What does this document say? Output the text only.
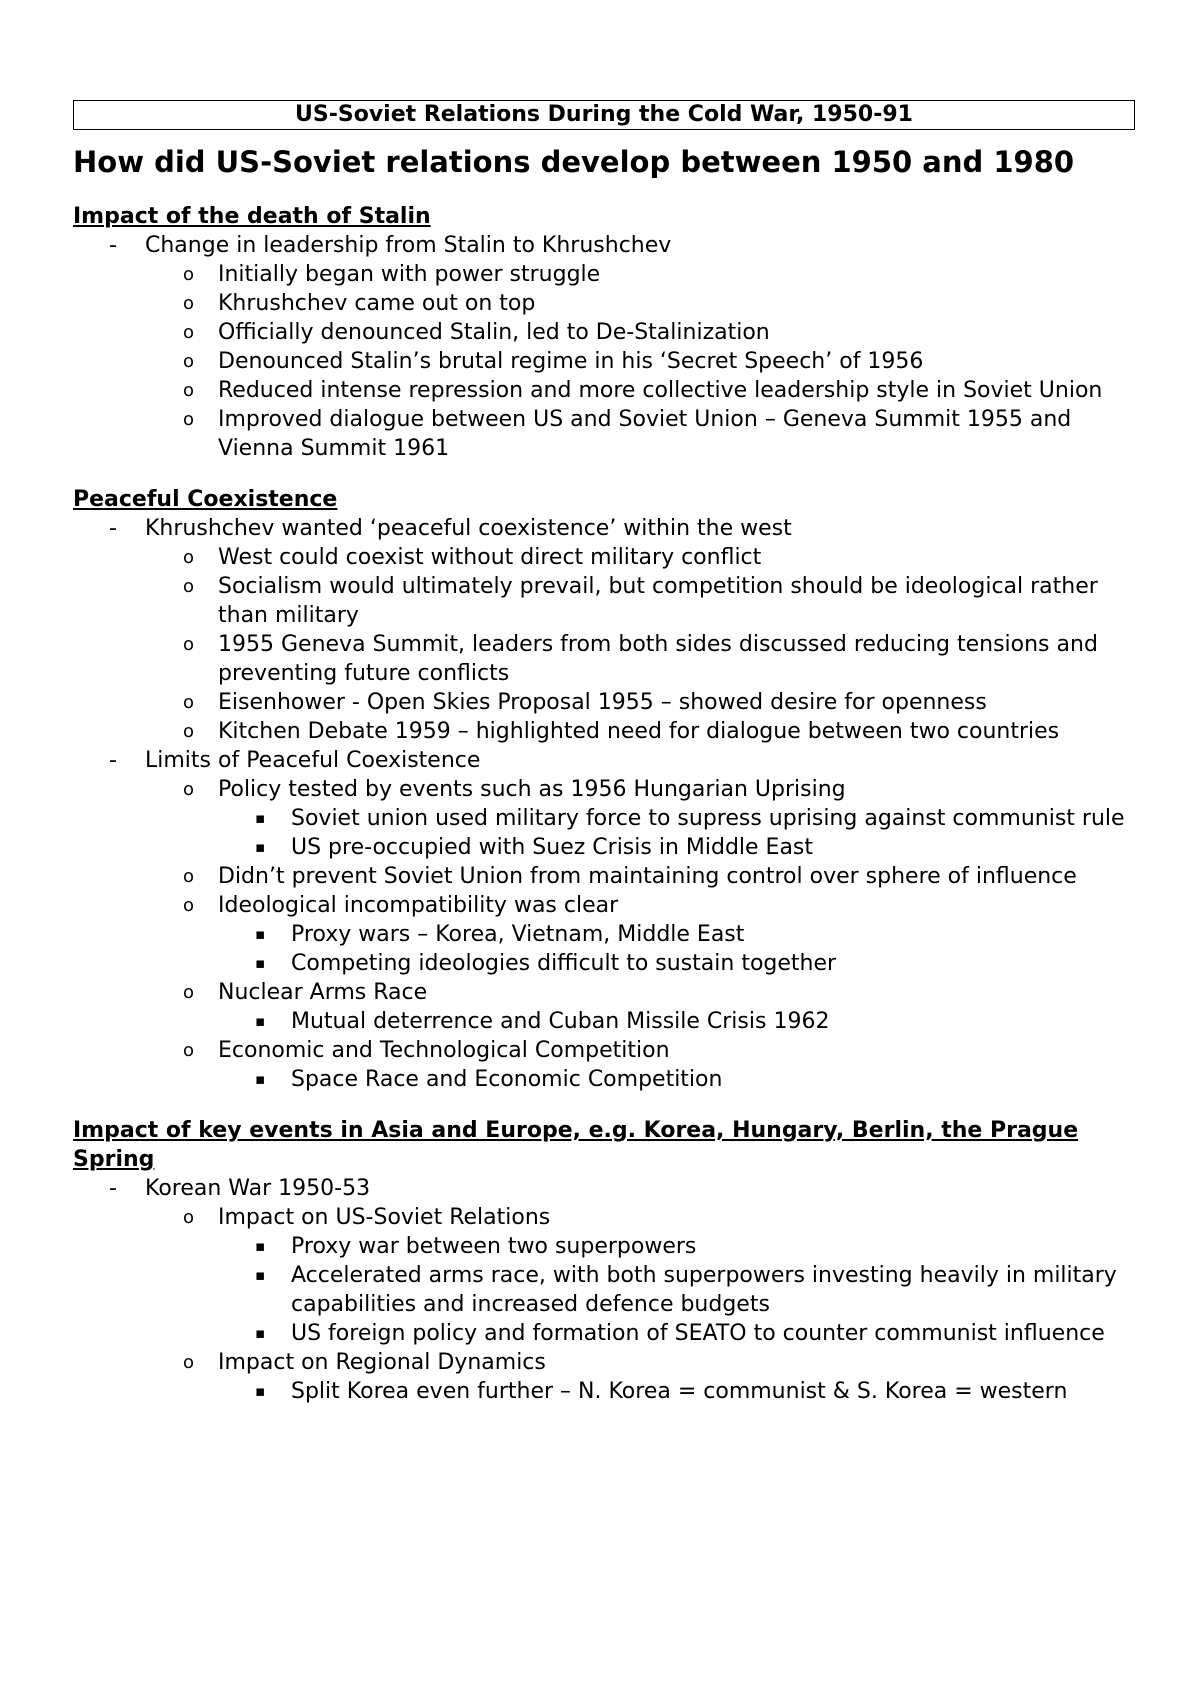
US-Soviet Relations During the Cold War, 1950-91
How did US-Soviet relations develop between 1950 and 1980
Impact of the death of Stalin
- Change in leadership from Stalin to Khrushchev
o Initially began with power struggle
o Khrushchev came out on top
o Officially denounced Stalin, led to De-Stalinization
o Denounced Stalin’s brutal regime in his ‘Secret Speech’ of 1956
o Reduced intense repression and more collective leadership style in Soviet Union
o Improved dialogue between US and Soviet Union – Geneva Summit 1955 and Vienna Summit 1961
Peaceful Coexistence
- Khrushchev wanted ‘peaceful coexistence’ within the west
o West could coexist without direct military conflict
o Socialism would ultimately prevail, but competition should be ideological rather than military
o 1955 Geneva Summit, leaders from both sides discussed reducing tensions and preventing future conflicts
o Eisenhower - Open Skies Proposal 1955 – showed desire for openness
o Kitchen Debate 1959 – highlighted need for dialogue between two countries
- Limits of Peaceful Coexistence
o Policy tested by events such as 1956 Hungarian Uprising
▪ Soviet union used military force to supress uprising against communist rule
▪ US pre-occupied with Suez Crisis in Middle East
o Didn’t prevent Soviet Union from maintaining control over sphere of influence
o Ideological incompatibility was clear
▪ Proxy wars – Korea, Vietnam, Middle East
▪ Competing ideologies difficult to sustain together
o Nuclear Arms Race
▪ Mutual deterrence and Cuban Missile Crisis 1962
o Economic and Technological Competition
▪ Space Race and Economic Competition
Impact of key events in Asia and Europe, e.g. Korea, Hungary, Berlin, the Prague Spring
- Korean War 1950-53
o Impact on US-Soviet Relations
▪ Proxy war between two superpowers
▪ Accelerated arms race, with both superpowers investing heavily in military capabilities and increased defence budgets
▪ US foreign policy and formation of SEATO to counter communist influence
o Impact on Regional Dynamics
▪ Split Korea even further – N. Korea = communist & S. Korea = western
